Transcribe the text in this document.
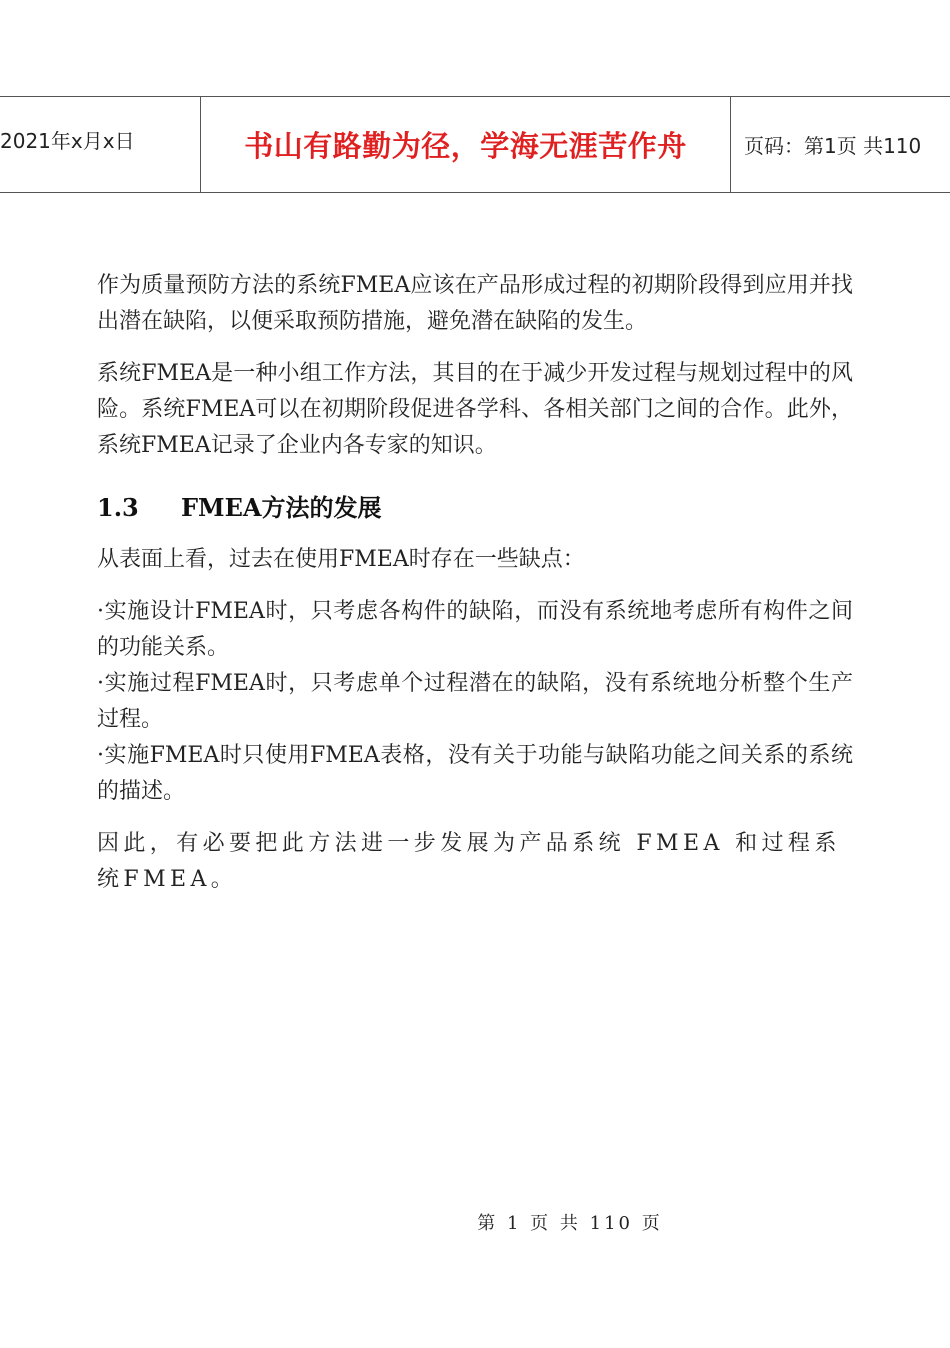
2021年x月x日	书山有路勤为径，学海无涯苦作舟	页码：第1页 共110

作为质量预防方法的系统FMEA应该在产品形成过程的初期阶段得到应用并找出潜在缺陷，以便采取预防措施，避免潜在缺陷的发生。

系统FMEA是一种小组工作方法，其目的在于减少开发过程与规划过程中的风险。系统FMEA可以在初期阶段促进各学科、各相关部门之间的合作。此外，系统FMEA记录了企业内各专家的知识。

1.3	FMEA方法的发展

从表面上看，过去在使用FMEA时存在一些缺点：

·实施设计FMEA时，只考虑各构件的缺陷，而没有系统地考虑所有构件之间的功能关系。

·实施过程FMEA时，只考虑单个过程潜在的缺陷，没有系统地分析整个生产过程。

·实施FMEA时只使用FMEA表格，没有关于功能与缺陷功能之间关系的系统的描述。

因此，有必要把此方法进一步发展为产品系统 FMEA 和过程系统FMEA。

第 1 页 共 110 页
